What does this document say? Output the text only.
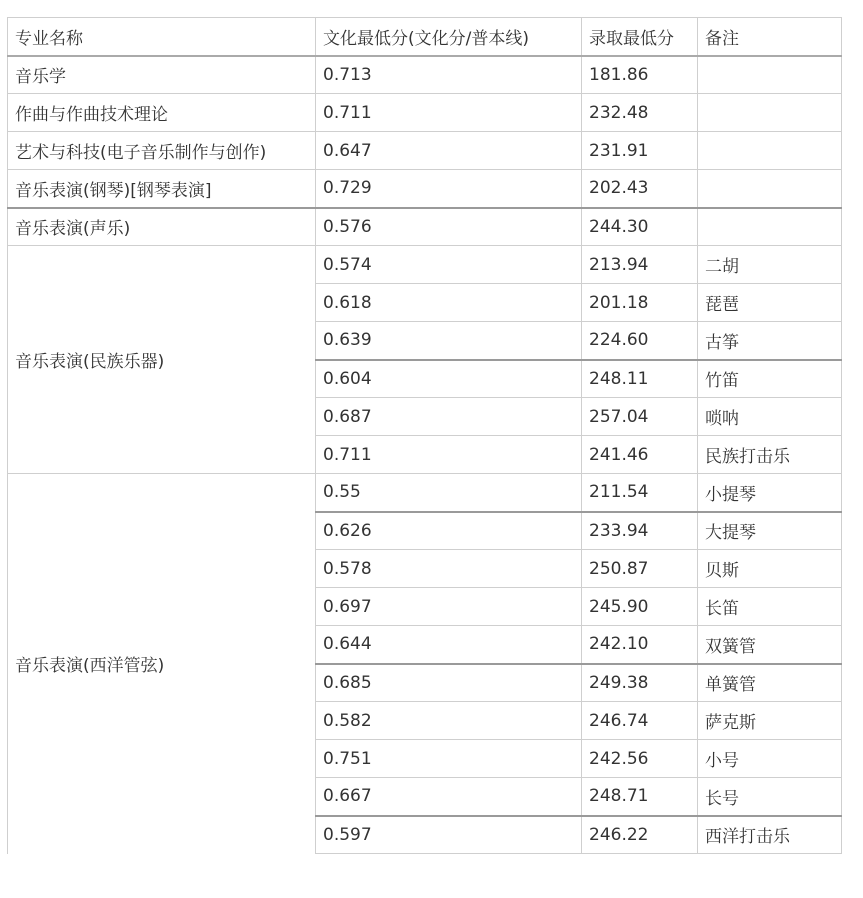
专业名称	文化最低分(文化分/普本线)	录取最低分	备注
音乐学	0.713	181.86	
作曲与作曲技术理论	0.711	232.48	
艺术与科技(电子音乐制作与创作)	0.647	231.91	
音乐表演(钢琴)[钢琴表演]	0.729	202.43	
音乐表演(声乐)	0.576	244.30	
音乐表演(民族乐器)	0.574	213.94	二胡
	0.618	201.18	琵琶
	0.639	224.60	古筝
	0.604	248.11	竹笛
	0.687	257.04	唢呐
	0.711	241.46	民族打击乐
音乐表演(西洋管弦)	0.55	211.54	小提琴
	0.626	233.94	大提琴
	0.578	250.87	贝斯
	0.697	245.90	长笛
	0.644	242.10	双簧管
	0.685	249.38	单簧管
	0.582	246.74	萨克斯
	0.751	242.56	小号
	0.667	248.71	长号
	0.597	246.22	西洋打击乐
